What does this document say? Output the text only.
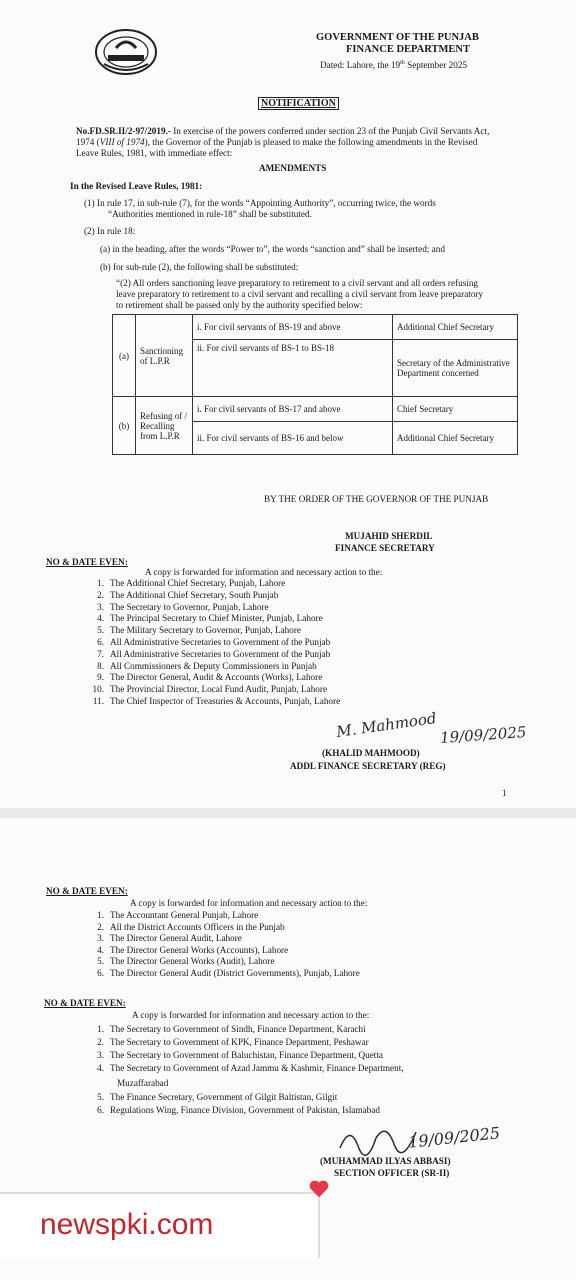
GOVERNMENT OF THE PUNJAB
FINANCE DEPARTMENT
Dated: Lahore, the 19th September 2025
NOTIFICATION
No.FD.SR.II/2-97/2019.- In exercise of the powers conferred under section 23 of the Punjab Civil Servants Act,
1974 (VIII of 1974), the Governor of the Punjab is pleased to make the following amendments in the Revised
Leave Rules, 1981, with immediate effect:
AMENDMENTS
In the Revised Leave Rules, 1981:
(1) In rule 17, in sub-rule (7), for the words “Appointing Authority”, occurring twice, the words
“Authorities mentioned in rule-18” shall be substituted.
(2) In rule 18:
(a) in the heading, after the words “Power to”, the words “sanction and” shall be inserted; and
(b) for sub-rule (2), the following shall be substituted:
“(2) All orders sanctioning leave preparatory to retirement to a civil servant and all orders refusing
leave preparatory to retirement to a civil servant and recalling a civil servant from leave preparatory
to retirement shall be passed only by the authority specified below:
(a)	Sanctioning of L.P.R	i. For civil servants of BS-19 and above	Additional Chief Secretary
		ii. For civil servants of BS-1 to BS-18	Secretary of the Administrative Department concerned
(b)	Refusing of / Recalling from L.P.R	i. For civil servants of BS-17 and above	Chief Secretary
		ii. For civil servants of BS-16 and below	Additional Chief Secretary
BY THE ORDER OF THE GOVERNOR OF THE PUNJAB
MUJAHID SHERDIL
FINANCE SECRETARY
NO & DATE EVEN:
A copy is forwarded for information and necessary action to the:
1. The Additional Chief Secretary, Punjab, Lahore
2. The Additional Chief Secretary, South Punjab
3. The Secretary to Governor, Punjab, Lahore
4. The Principal Secretary to Chief Minister, Punjab, Lahore
5. The Military Secretary to Governor, Punjab, Lahore
6. All Administrative Secretaries to Government of the Punjab
7. All Administrative Secretaries to Government of the Punjab
8. All Commissioners & Deputy Commissioners in Punjab
9. The Director General, Audit & Accounts (Works), Lahore
10. The Provincial Director, Local Fund Audit, Punjab, Lahore
11. The Chief Inspector of Treasuries & Accounts, Punjab, Lahore
M. Mahmood 19/09/2025
(KHALID MAHMOOD)
ADDL FINANCE SECRETARY (REG)
1
NO & DATE EVEN:
A copy is forwarded for information and necessary action to the:
1. The Accountant General Punjab, Lahore
2. All the District Accounts Officers in the Punjab
3. The Director General Audit, Lahore
4. The Director General Works (Accounts), Lahore
5. The Director General Works (Audit), Lahore
6. The Director General Audit (District Governments), Punjab, Lahore
NO & DATE EVEN:
A copy is forwarded for information and necessary action to the:
1. The Secretary to Government of Sindh, Finance Department, Karachi
2. The Secretary to Government of KPK, Finance Department, Peshawar
3. The Secretary to Government of Baluchistan, Finance Department, Quetta
4. The Secretary to Government of Azad Jammu & Kashmir, Finance Department,
5. The Finance Secretary, Government of Gilgit Baltistan, Gilgit
6. Regulations Wing, Finance Division, Government of Pakistan, Islamabad
Muzaffarabad
19/09/2025
(MUHAMMAD ILYAS ABBASI)
SECTION OFFICER (SR-II)
newspki.com
